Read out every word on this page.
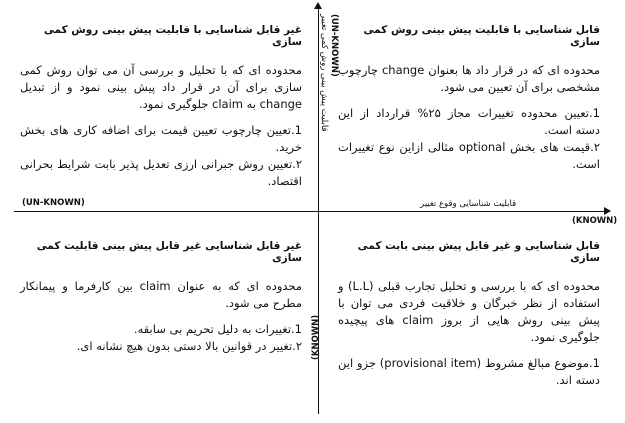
(UN-KNOWN)
(KNOWN)
قابلیت شناسایی وقوع تغییر
(UN-KNOWN)
قابلیت پیش بینی روش کمی تغییر
(KNOWN)

قابل شناسایی با قابلیت پیش بینی روش کمی سازی

محدوده ای که در قرار داد ها بعنوان change چارچوب مشخصی برای آن تعیین می شود.

1.تعیین محدوده تغییرات مجاز ۲۵% قرارداد از این دسته است.

۲.قیمت های بخش optional مثالی ازاین نوع تغییرات است.

غیر قابل شناسایی با قابلیت پیش بینی روش کمی سازی

محدوده ای که با تحلیل و بررسی آن می توان روش کمی سازی برای آن در قرار داد پیش بینی نمود و از تبدیل change به claim جلوگیری نمود.

1.تعیین چارچوب تعیین قیمت برای اضافه کاری های بخش خرید.

۲.تعیین روش جبرانی ارزی تعدیل پذیر بابت شرایط بحرانی اقتصاد.

قابل شناسایی و غیر قابل پیش بینی بابت کمی سازی

محدوده ای که با بررسی و تحلیل تجارب قبلی (L.L) و استفاده از نظر خبرگان و خلاقیت فردی می توان با پیش بینی روش هایی از بروز claim های پیچیده جلوگیری نمود.

1.موضوع مبالغ مشروط (provisional item) جزو این دسته اند.

غیر قابل شناسایی غیر قابل پیش بینی قابلیت کمی سازی

محدوده ای که به عنوان claim بین کارفرما و پیمانکار مطرح می شود.

1.تغییرات به دلیل تحریم بی سابقه.

۲.تغییر در قوانین بالا دستی بدون هیچ نشانه ای.
